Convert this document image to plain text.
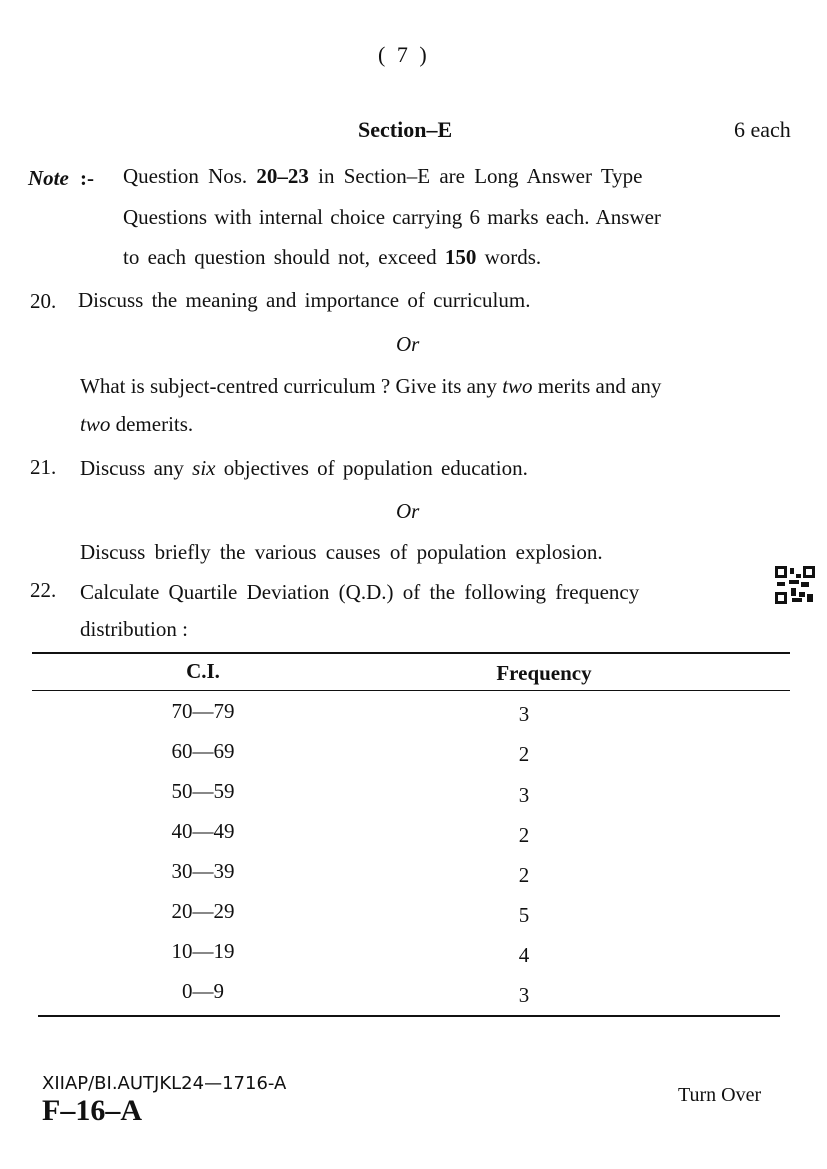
( 7 )
Section–E	6 each
Note :- Question Nos. 20–23 in Section–E are Long Answer Type
Questions with internal choice carrying 6 marks each. Answer
to each question should not, exceed 150 words.
20. Discuss the meaning and importance of curriculum.
Or
What is subject-centred curriculum ? Give its any two merits and any
two demerits.
21. Discuss any six objectives of population education.
Or
Discuss briefly the various causes of population explosion.
22. Calculate Quartile Deviation (Q.D.) of the following frequency
distribution :
C.I.	Frequency
70—79	3
60—69	2
50—59	3
40—49	2
30—39	2
20—29	5
10—19	4
0—9	3
XIIAP/BI.AUTJKL24—1716-A
F–16–A	Turn Over
